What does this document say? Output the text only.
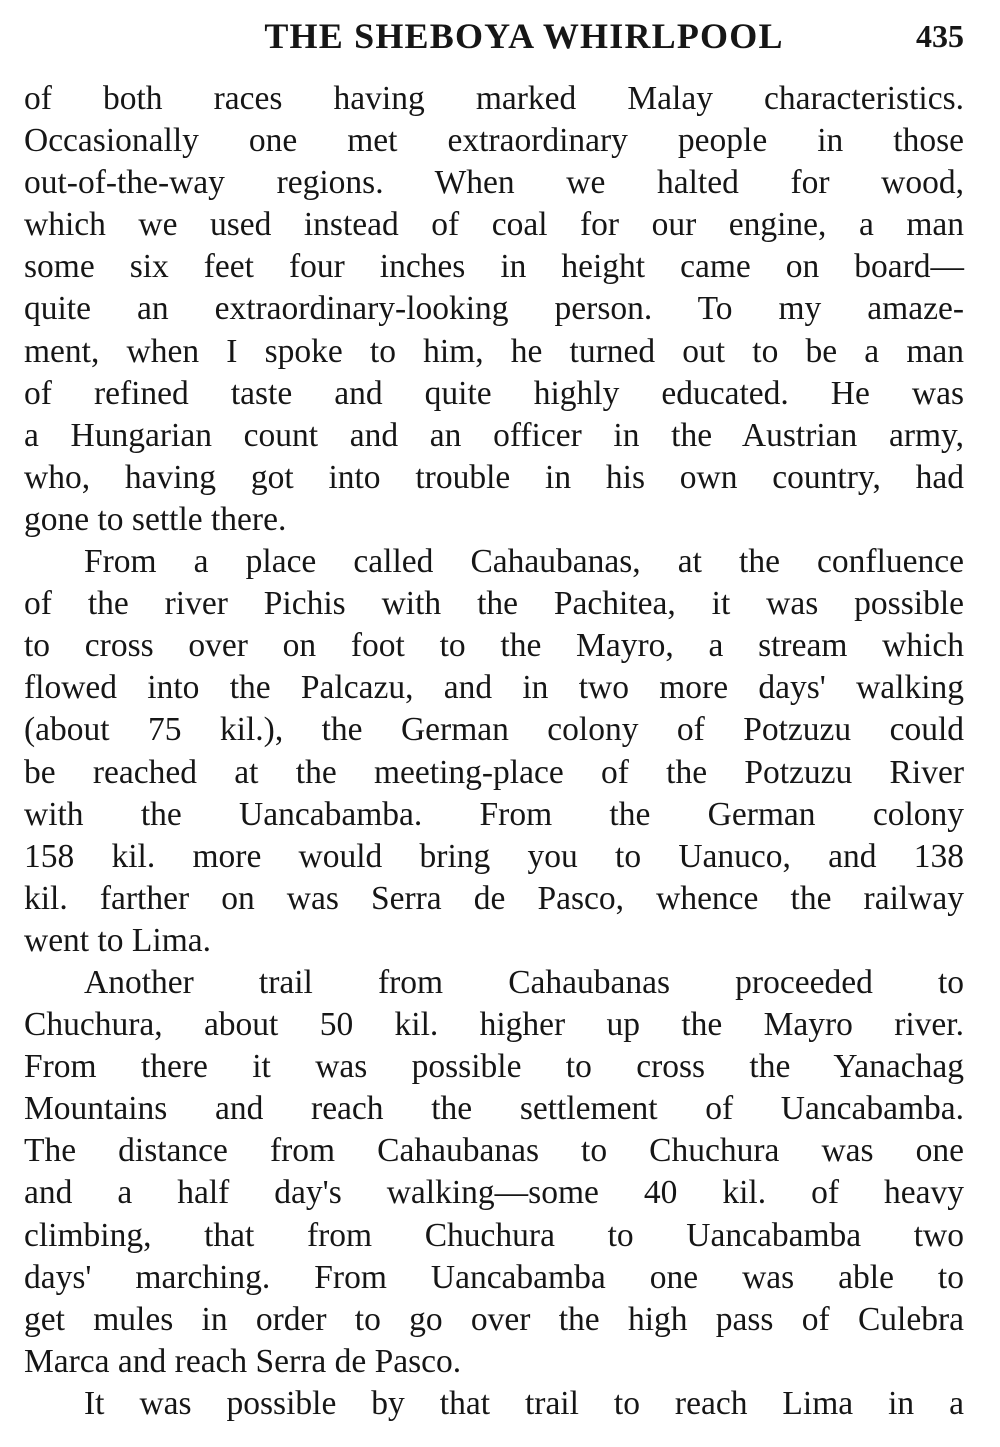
THE SHEBOYA WHIRLPOOL	435
of both races having marked Malay characteristics.
Occasionally one met extraordinary people in those
out-of-the-way regions. When we halted for wood,
which we used instead of coal for our engine, a man
some six feet four inches in height came on board—
quite an extraordinary-looking person. To my amaze-
ment, when I spoke to him, he turned out to be a man
of refined taste and quite highly educated. He was
a Hungarian count and an officer in the Austrian army,
who, having got into trouble in his own country, had
gone to settle there.
From a place called Cahaubanas, at the confluence
of the river Pichis with the Pachitea, it was possible
to cross over on foot to the Mayro, a stream which
flowed into the Palcazu, and in two more days' walking
(about 75 kil.), the German colony of Potzuzu could
be reached at the meeting-place of the Potzuzu River
with the Uancabamba. From the German colony
158 kil. more would bring you to Uanuco, and 138
kil. farther on was Serra de Pasco, whence the railway
went to Lima.
Another trail from Cahaubanas proceeded to
Chuchura, about 50 kil. higher up the Mayro river.
From there it was possible to cross the Yanachag
Mountains and reach the settlement of Uancabamba.
The distance from Cahaubanas to Chuchura was one
and a half day's walking—some 40 kil. of heavy
climbing, that from Chuchura to Uancabamba two
days' marching. From Uancabamba one was able to
get mules in order to go over the high pass of Culebra
Marca and reach Serra de Pasco.
It was possible by that trail to reach Lima in a
